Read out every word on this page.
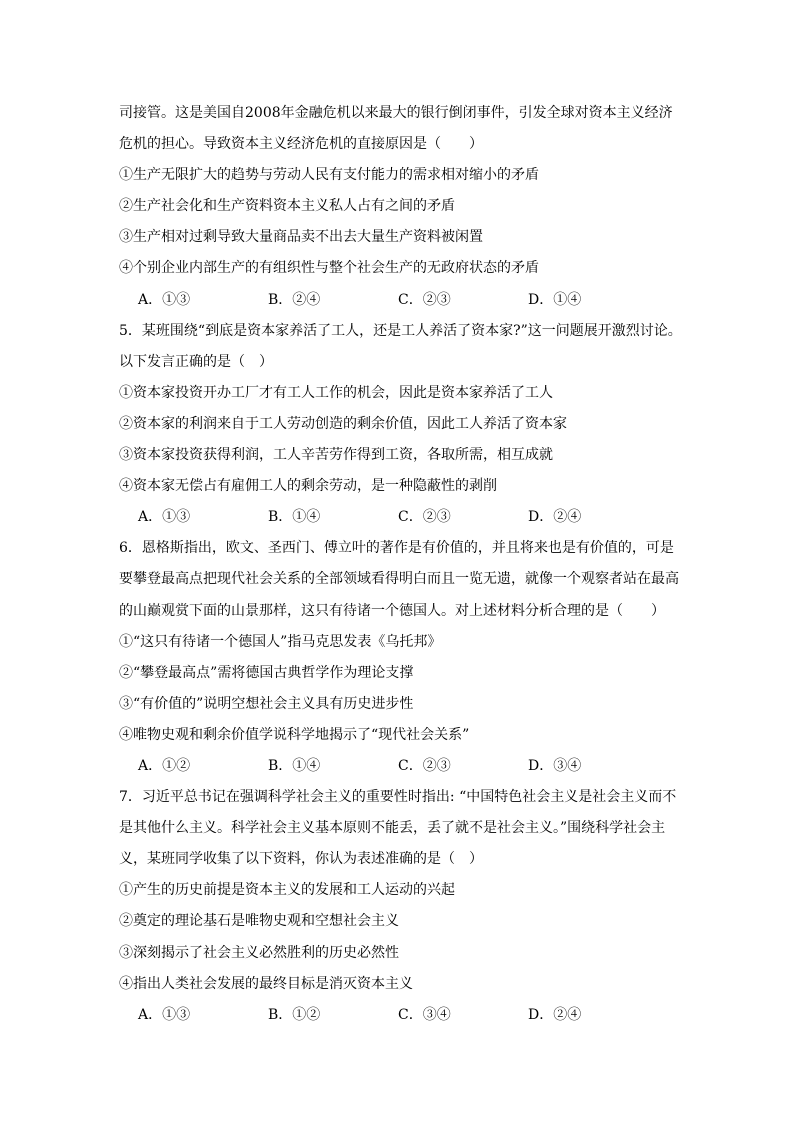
司接管。这是美国自2008年金融危机以来最大的银行倒闭事件，引发全球对资本主义经济

危机的担心。导致资本主义经济危机的直接原因是（　　）

①生产无限扩大的趋势与劳动人民有支付能力的需求相对缩小的矛盾

②生产社会化和生产资料资本主义私人占有之间的矛盾

③生产相对过剩导致大量商品卖不出去大量生产资料被闲置

④个别企业内部生产的有组织性与整个社会生产的无政府状态的矛盾

A．①③	B．②④	C．②③	D．①④

5．某班围绕“到底是资本家养活了工人，还是工人养活了资本家?”这一问题展开激烈讨论。

以下发言正确的是（　）

①资本家投资开办工厂才有工人工作的机会，因此是资本家养活了工人

②资本家的利润来自于工人劳动创造的剩余价值，因此工人养活了资本家

③资本家投资获得利润，工人辛苦劳作得到工资，各取所需，相互成就

④资本家无偿占有雇佣工人的剩余劳动，是一种隐蔽性的剥削

A．①③	B．①④	C．②③	D．②④

6．恩格斯指出，欧文、圣西门、傅立叶的著作是有价值的，并且将来也是有价值的，可是

要攀登最高点把现代社会关系的全部领域看得明白而且一览无遗，就像一个观察者站在最高

的山巅观赏下面的山景那样，这只有待诸一个德国人。对上述材料分析合理的是（　　）

①“这只有待诸一个德国人”指马克思发表《乌托邦》

②“攀登最高点”需将德国古典哲学作为理论支撑

③“有价值的”说明空想社会主义具有历史进步性

④唯物史观和剩余价值学说科学地揭示了“现代社会关系”

A．①②	B．①④	C．②③	D．③④

7．习近平总书记在强调科学社会主义的重要性时指出: “中国特色社会主义是社会主义而不

是其他什么主义。科学社会主义基本原则不能丢，丢了就不是社会主义。”围绕科学社会主

义，某班同学收集了以下资料，你认为表述准确的是（　）

①产生的历史前提是资本主义的发展和工人运动的兴起

②奠定的理论基石是唯物史观和空想社会主义

③深刻揭示了社会主义必然胜利的历史必然性

④指出人类社会发展的最终目标是消灭资本主义

A．①③	B．①②	C．③④	D．②④
